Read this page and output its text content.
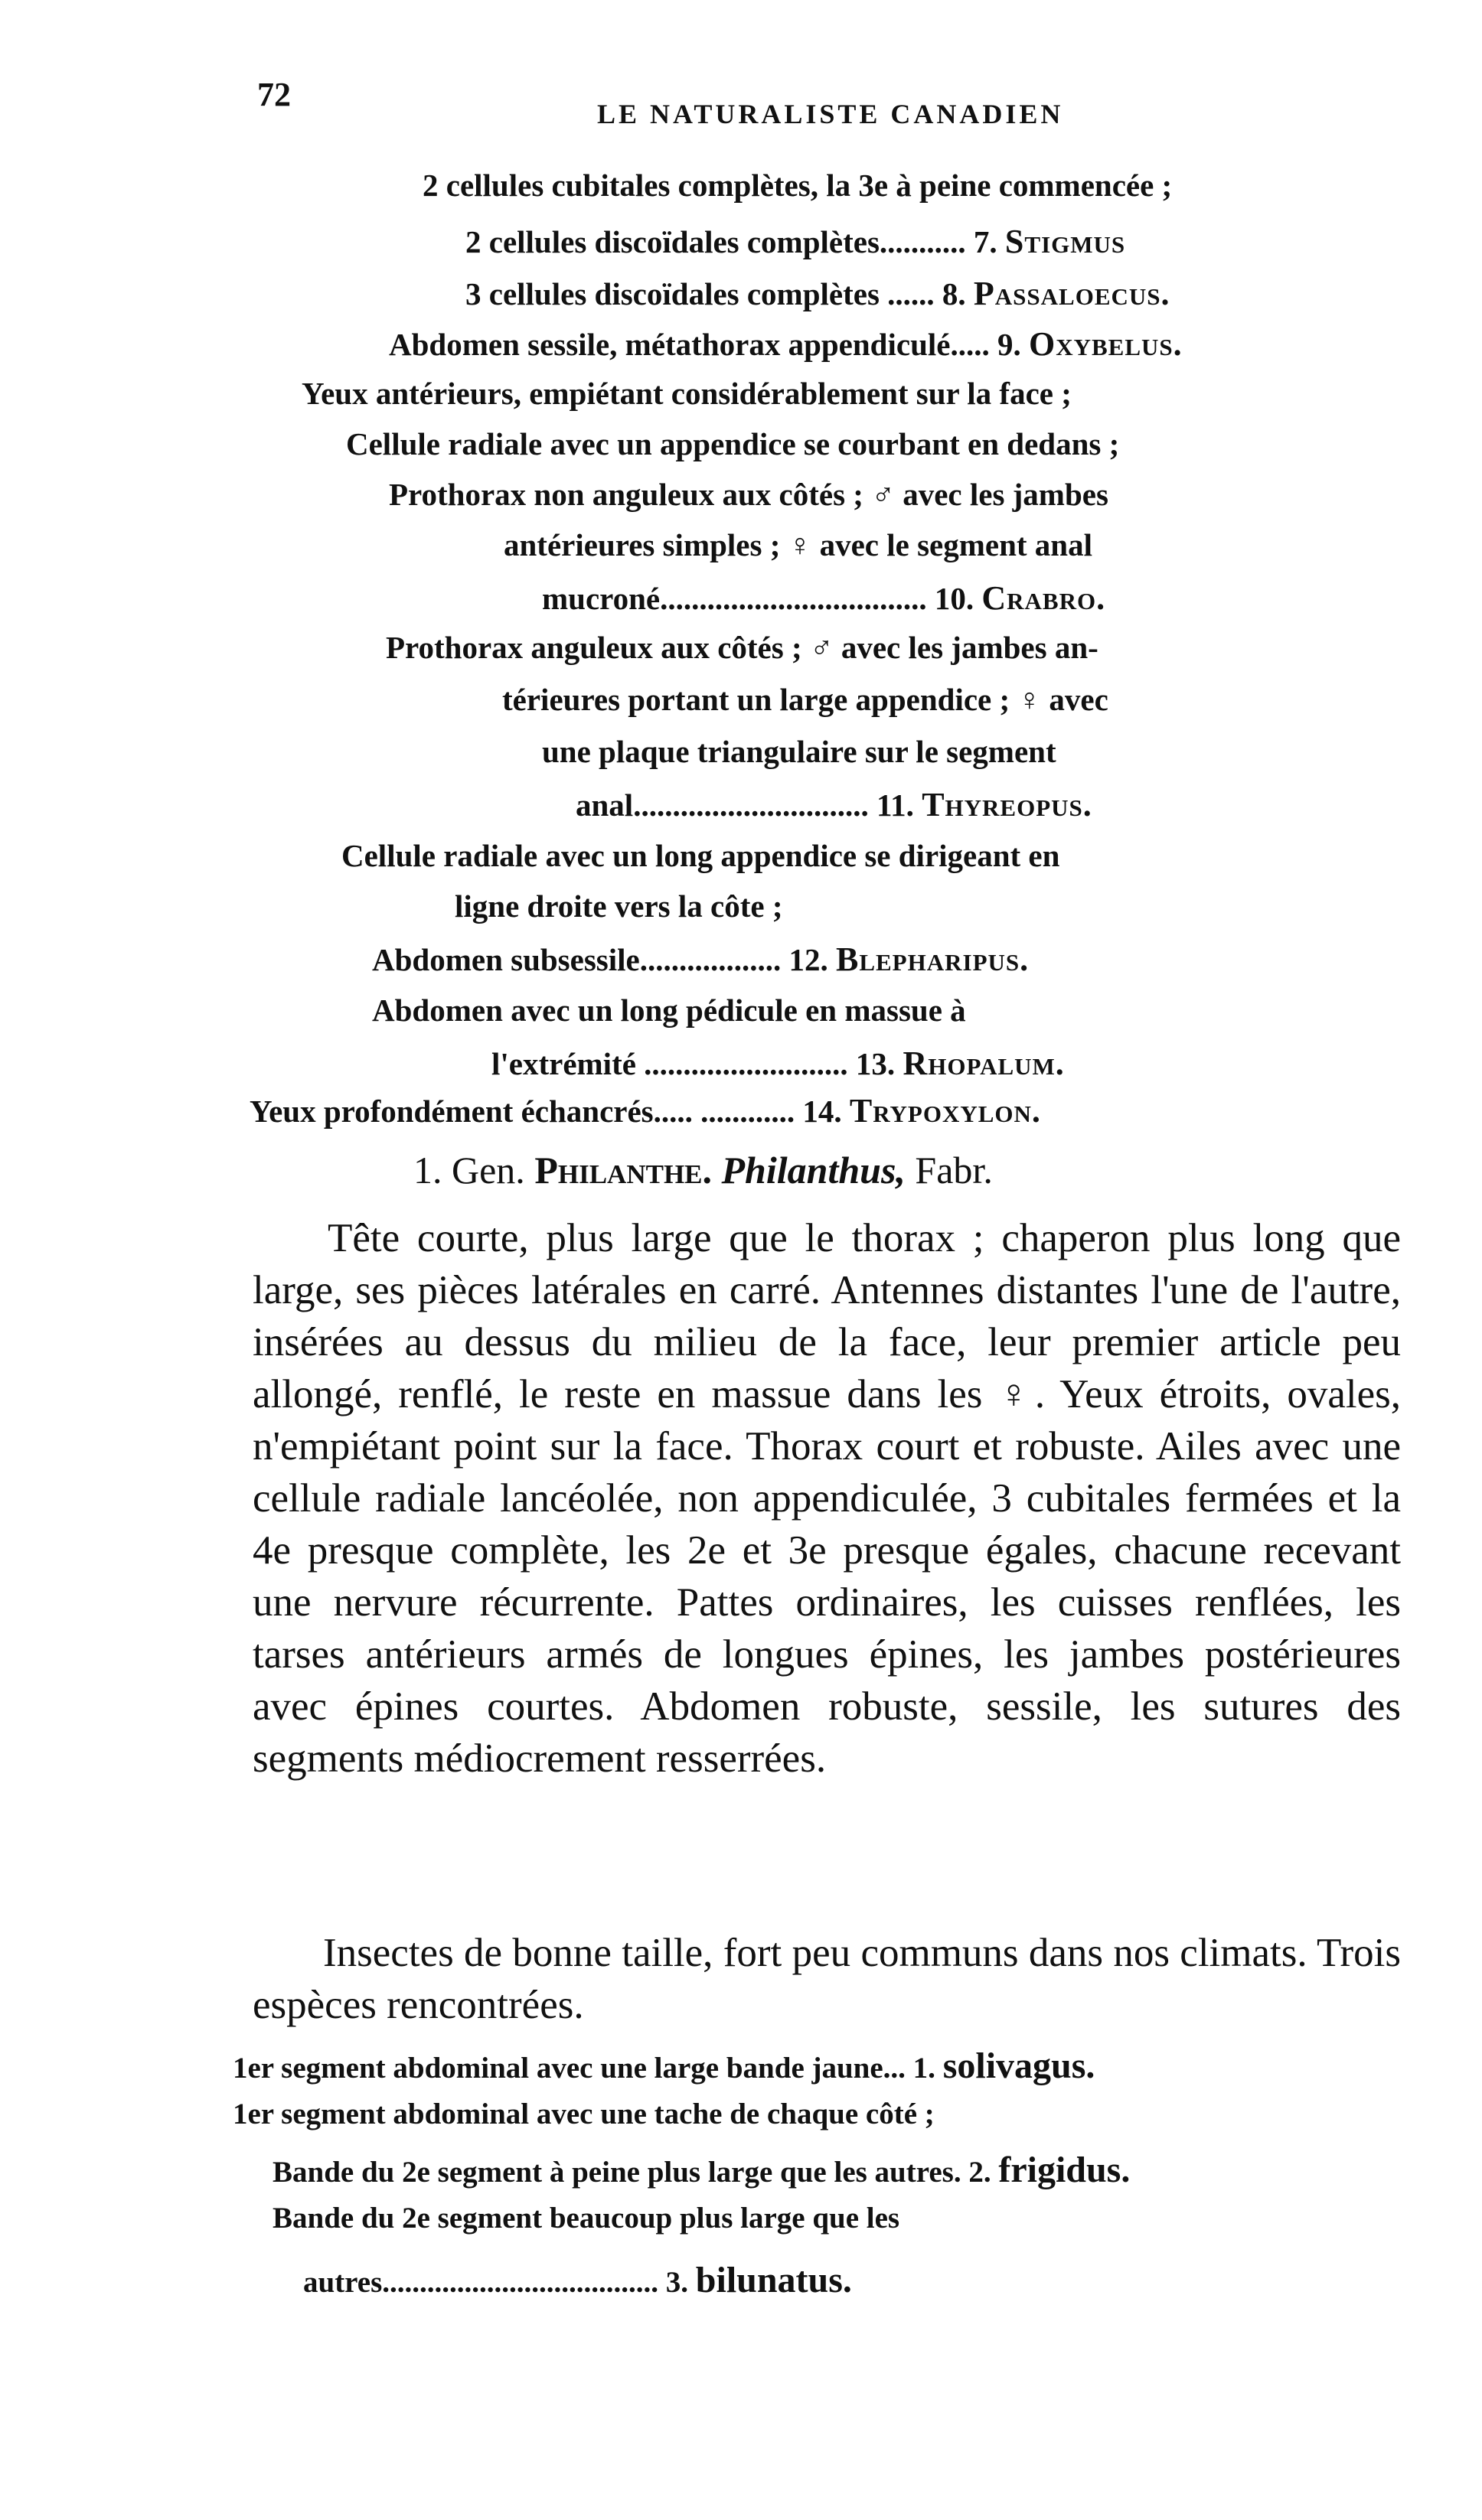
72
LE NATURALISTE CANADIEN
2 cellules cubitales complètes, la 3e à peine commencée ;
2 cellules discoïdales complètes........... 7. Stigmus
3 cellules discoïdales complètes ...... 8. Passaloecus.
Abdomen sessile, métathorax appendiculé..... 9. Oxybelus.
Yeux antérieurs, empiétant considérablement sur la face ;
Cellule radiale avec un appendice se courbant en dedans ;
Prothorax non anguleux aux côtés ; ♂ avec les jambes
antérieures simples ; ♀ avec le segment anal
mucroné.................................. 10. Crabro.
Prothorax anguleux aux côtés ; ♂ avec les jambes an-
térieures portant un large appendice ; ♀ avec
une plaque triangulaire sur le segment
anal.............................. 11. Thyreopus.
Cellule radiale avec un long appendice se dirigeant en
ligne droite vers la côte ;
Abdomen subsessile.................. 12. Blepharipus.
Abdomen avec un long pédicule en massue à
l'extrémité .......................... 13. Rhopalum.
Yeux profondément échancrés..... ............ 14. Trypoxylon.
1. Gen. Philanthe. Philanthus, Fabr.
Tête courte, plus large que le thorax ; chaperon plus long que large, ses pièces latérales en carré. Antennes distantes l'une de l'autre, insérées au dessus du milieu de la face, leur premier article peu allongé, renflé, le reste en massue dans les ♀. Yeux étroits, ovales, n'empiétant point sur la face. Thorax court et robuste. Ailes avec une cellule radiale lancéolée, non appendiculée, 3 cubitales fermées et la 4e presque complète, les 2e et 3e presque égales, chacune recevant une nervure récurrente. Pattes ordinaires, les cuisses renflées, les tarses antérieurs armés de longues épines, les jambes postérieures avec épines courtes. Abdomen robuste, sessile, les sutures des segments médiocrement resserrées.
Insectes de bonne taille, fort peu communs dans nos climats. Trois espèces rencontrées.
1er segment abdominal avec une large bande jaune... 1. solivagus.
1er segment abdominal avec une tache de chaque côté ;
Bande du 2e segment à peine plus large que les autres. 2. frigidus.
Bande du 2e segment beaucoup plus large que les
autres..................................... 3. bilunatus.
